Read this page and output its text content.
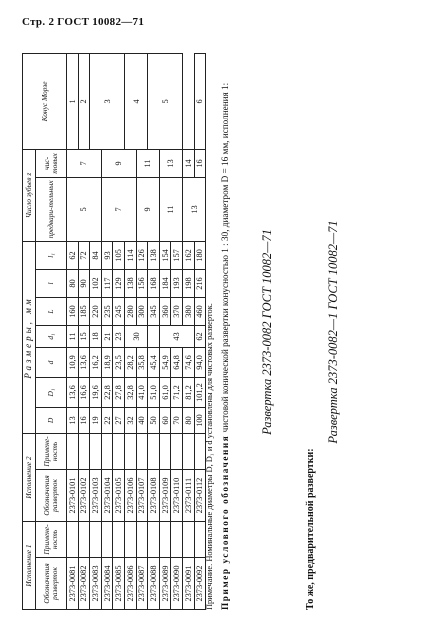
Стр. 2 ГОСТ 10082—71
Исполнение 1		Исполнение 2		Размеры, мм							Число зубьев z		Конус Морзе
Обозначения разверток	Примене-ность	Обозначения разверток	Примене-ность	D	D₁	d	d₁	L	l	l₁			
											предвари-тельных	чис-товых	
2373-0081		2373-0101		13	13,6	10,9	11	160	80	62	5	7	1
2373-0082		2373-0102		16	16,6	13,6	15	185	90	72			2
2373-0083		2373-0103		19	19,6	16,2	18	220	102	84			3
2373-0084		2373-0104		22	22,8	18,9	21	235	117	93	7	9	
2373-0085		2373-0105		27	27,8	23,5	23	245	129	105			
2373-0086		2373-0106		32	32,8	28,2	30	280	138	114			4
2373-0087		2373-0107		40	41,0	35,8		300	156	126	9	11	
2373-0088		2373-0108		50	51,0	45,4		345	168	138			5
2373-0089		2373-0109		60	61,0	54,9	43	360	184	154	11	13	
2373-0090		2373-0110		70	71,2	64,8		370	193	157			
2373-0091		2373-0111		80	81,2	74,6		380	198	162	13	14	
2373-0092		2373-0112		100	101,2	94,0	62	460	216	180		16	6
Примечание. Номинальные диаметры D, D₁ и d установлены для чистовых разверток. Пример условного обозначения чистовой конической развертки конусностью 1 : 30, диаметром D = 16 мм, исполнения 1: Развертка 2373-0082 ГОСТ 10082—71
То же, предварительной развертки:
Развертка 2373-0082—1 ГОСТ 10082—71
